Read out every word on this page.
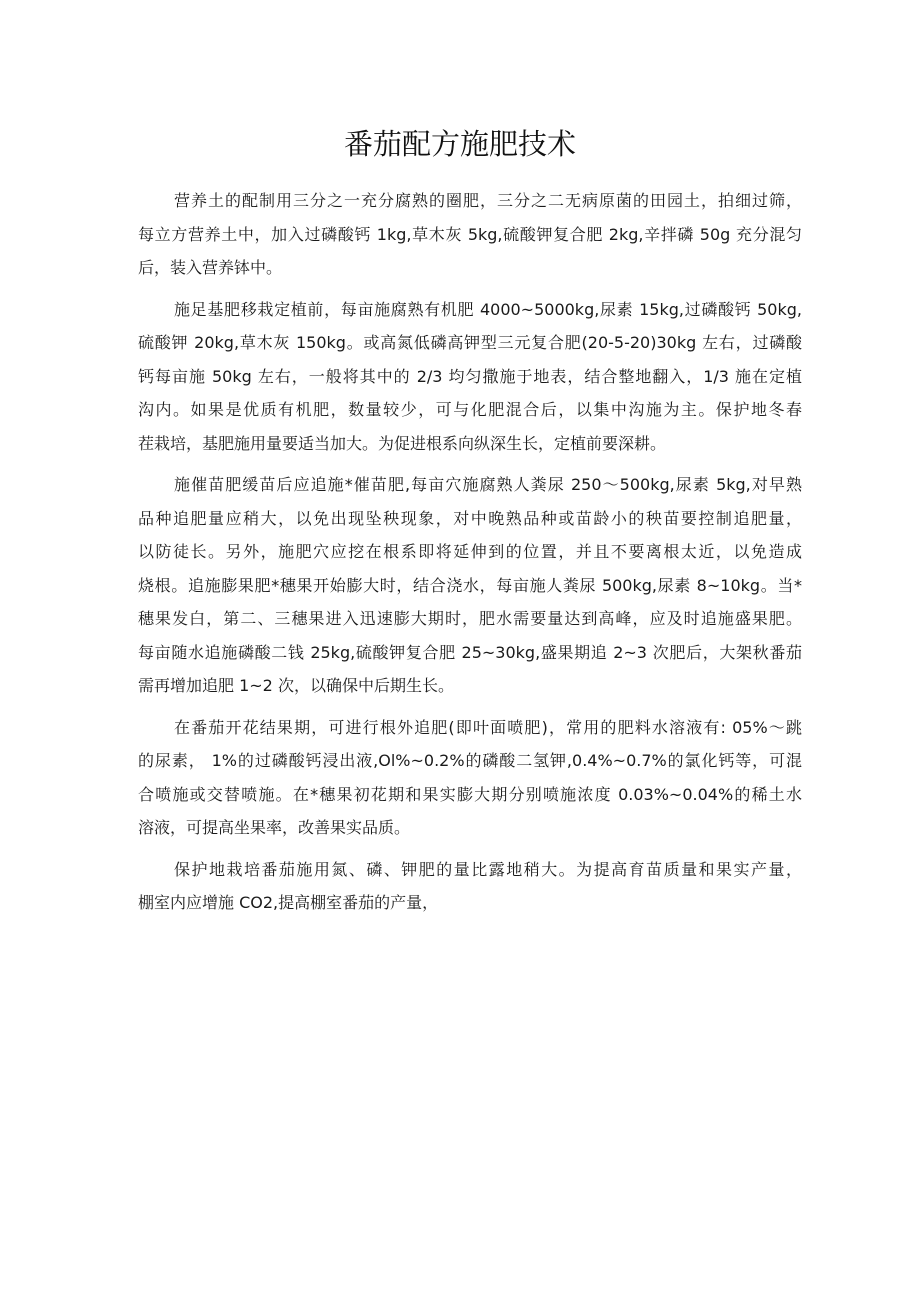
番茄配方施肥技术
营养土的配制用三分之一充分腐熟的圈肥，三分之二无病原菌的田园土，拍细过筛，
每立方营养土中，加入过磷酸钙 1kg,草木灰 5kg,硫酸钾复合肥 2kg,辛拌磷 50g 充分混匀
后，装入营养钵中。
施足基肥移栽定植前，每亩施腐熟有机肥 4000~5000kg,尿素 15kg,过磷酸钙 50kg,
硫酸钾 20kg,草木灰 150kg。或高氮低磷高钾型三元复合肥(20-5-20)30kg 左右，过磷酸
钙每亩施 50kg 左右，一般将其中的 2/3 均匀撒施于地表，结合整地翻入，1/3 施在定植
沟内。如果是优质有机肥，数量较少，可与化肥混合后，以集中沟施为主。保护地冬春
茬栽培，基肥施用量要适当加大。为促进根系向纵深生长，定植前要深耕。
施催苗肥缓苗后应追施*催苗肥,每亩穴施腐熟人粪尿 250～500kg,尿素 5kg,对早熟
品种追肥量应稍大，以免出现坠秧现象，对中晚熟品种或苗龄小的秧苗要控制追肥量，
以防徒长。另外，施肥穴应挖在根系即将延伸到的位置，并且不要离根太近，以免造成
烧根。追施膨果肥*穗果开始膨大时，结合浇水，每亩施人粪尿 500kg,尿素 8~10kg。当*
穗果发白，第二、三穗果进入迅速膨大期时，肥水需要量达到高峰，应及时追施盛果肥。
每亩随水追施磷酸二钱 25kg,硫酸钾复合肥 25~30kg,盛果期追 2~3 次肥后，大架秋番茄
需再增加追肥 1~2 次，以确保中后期生长。
在番茄开花结果期，可进行根外追肥(即叶面喷肥)，常用的肥料水溶液有: 05%〜跳
的尿素， 1%的过磷酸钙浸出液,Ol%~0.2%的磷酸二氢钾,0.4%~0.7%的氯化钙等，可混
合喷施或交替喷施。在*穗果初花期和果实膨大期分别喷施浓度 0.03%~0.04%的稀土水
溶液，可提高坐果率，改善果实品质。
保护地栽培番茄施用氮、磷、钾肥的量比露地稍大。为提高育苗质量和果实产量，
棚室内应增施 CO2,提高棚室番茄的产量，
